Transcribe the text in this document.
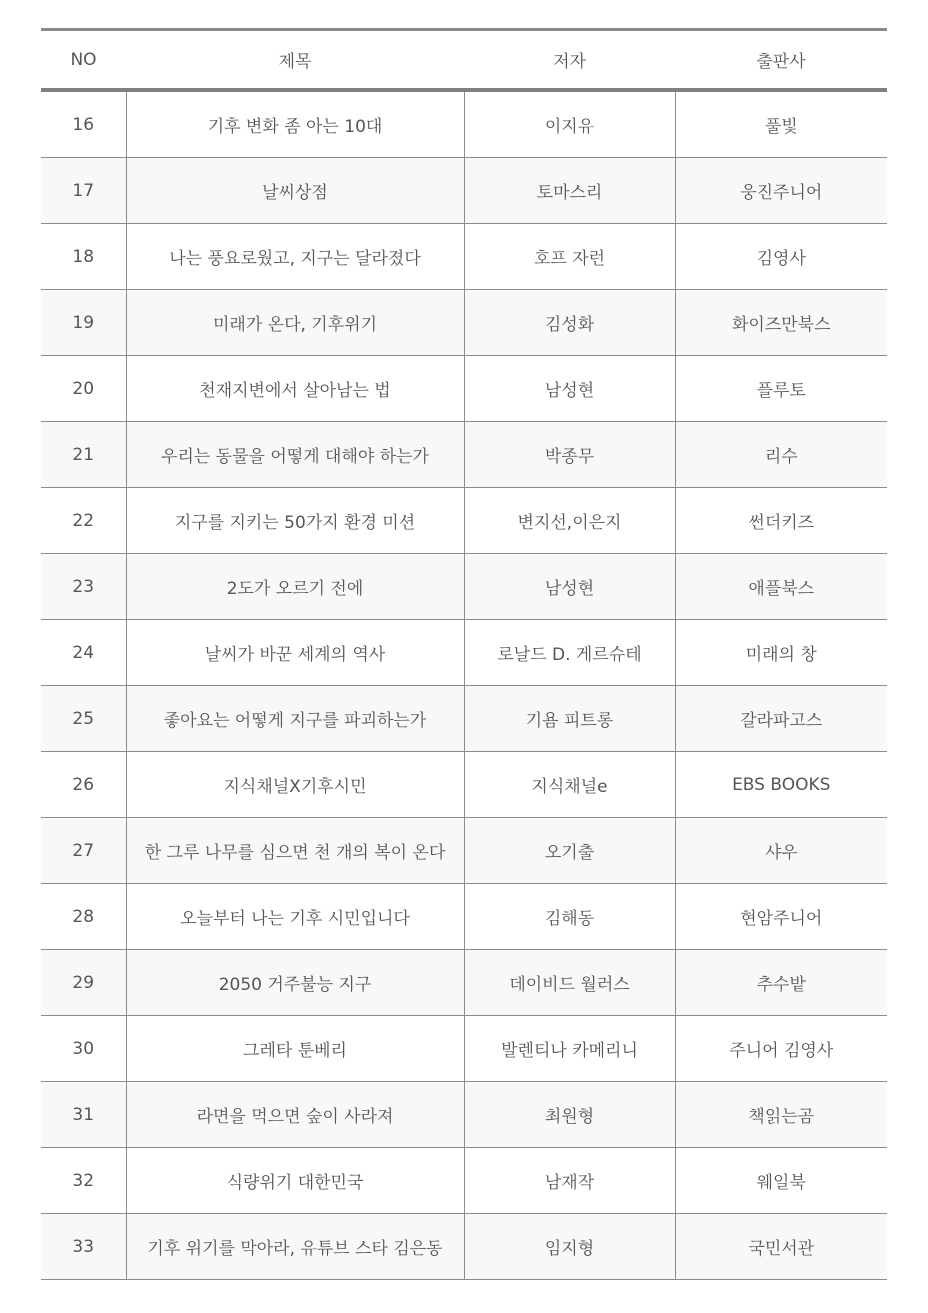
NO	제목	저자	출판사
16	기후 변화 좀 아는 10대	이지유	풀빛
17	날씨상점	토마스리	웅진주니어
18	나는 풍요로웠고, 지구는 달라졌다	호프 자런	김영사
19	미래가 온다, 기후위기	김성화	화이즈만북스
20	천재지변에서 살아남는 법	남성현	플루토
21	우리는 동물을 어떻게 대해야 하는가	박종무	리수
22	지구를 지키는 50가지 환경 미션	변지선,이은지	썬더키즈
23	2도가 오르기 전에	남성현	애플북스
24	날씨가 바꾼 세계의 역사	로날드 D. 게르슈테	미래의 창
25	좋아요는 어떻게 지구를 파괴하는가	기욤 피트롱	갈라파고스
26	지식채널X기후시민	지식채널e	EBS BOOKS
27	한 그루 나무를 심으면 천 개의 복이 온다	오기출	샤우
28	오늘부터 나는 기후 시민입니다	김해동	현암주니어
29	2050 거주불능 지구	데이비드 월러스	추수밭
30	그레타 툰베리	발렌티나 카메리니	주니어 김영사
31	라면을 먹으면 숲이 사라져	최원형	책읽는곰
32	식량위기 대한민국	남재작	웨일북
33	기후 위기를 막아라, 유튜브 스타 김은동	임지형	국민서관
